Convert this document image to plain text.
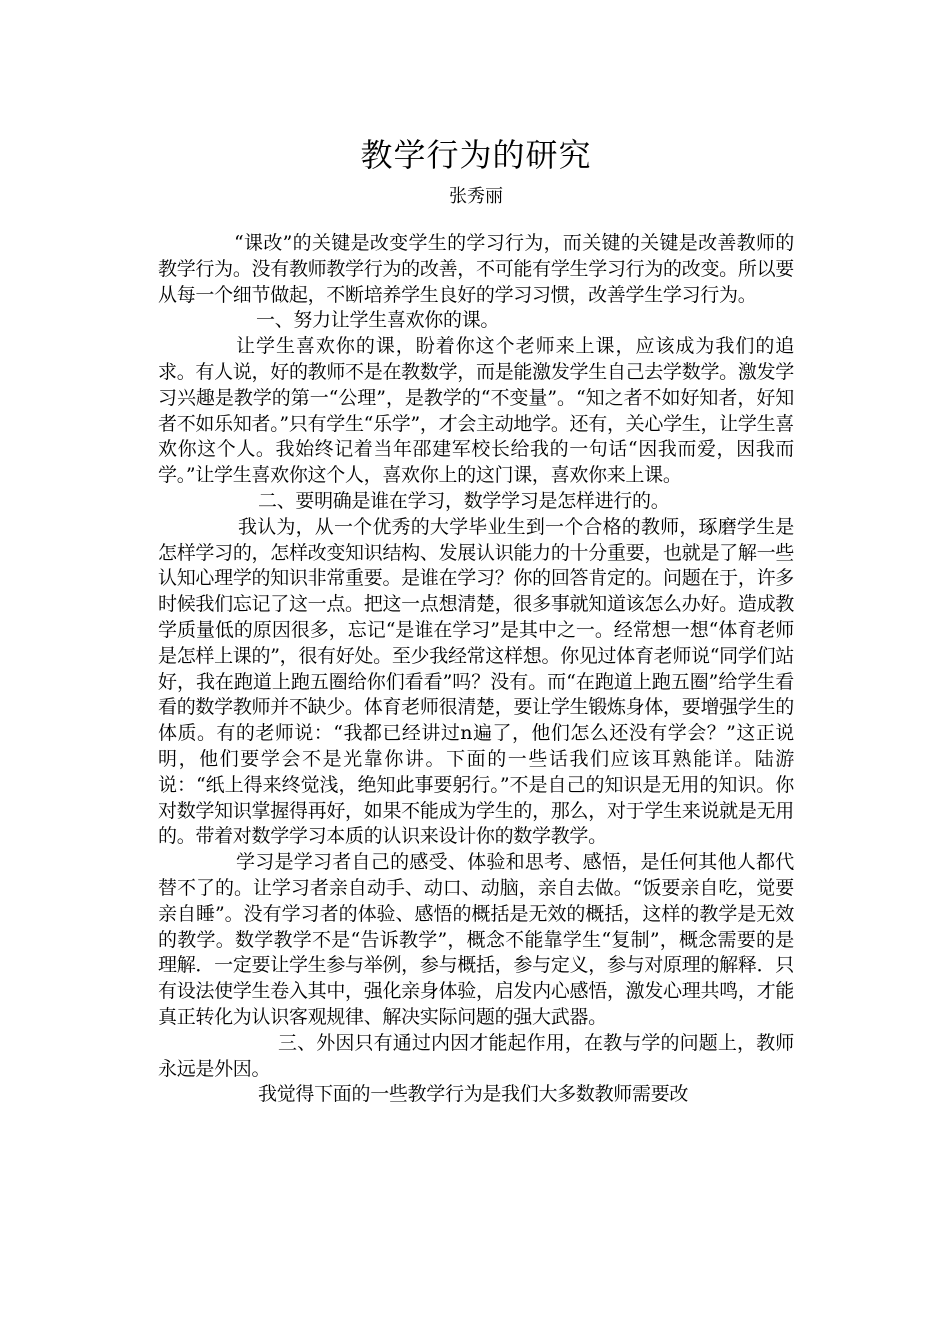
教学行为的研究
张秀丽

“课改”的关键是改变学生的学习行为，而关键的关键是改善教师的教学行为。没有教师教学行为的改善，不可能有学生学习行为的改变。所以要从每一个细节做起，不断培养学生良好的学习习惯，改善学生学习行为。

一、努力让学生喜欢你的课。

让学生喜欢你的课，盼着你这个老师来上课，应该成为我们的追求。有人说，好的教师不是在教数学，而是能激发学生自己去学数学。激发学习兴趣是教学的第一“公理”，是教学的“不变量”。“知之者不如好知者，好知者不如乐知者。”只有学生“乐学”，才会主动地学。还有，关心学生，让学生喜欢你这个人。我始终记着当年邵建军校长给我的一句话“因我而爱，因我而学。”让学生喜欢你这个人，喜欢你上的这门课，喜欢你来上课。

二、要明确是谁在学习，数学学习是怎样进行的。

我认为，从一个优秀的大学毕业生到一个合格的教师，琢磨学生是怎样学习的，怎样改变知识结构、发展认识能力的十分重要，也就是了解一些认知心理学的知识非常重要。是谁在学习？你的回答肯定的。问题在于，许多时候我们忘记了这一点。把这一点想清楚，很多事就知道该怎么办好。造成教学质量低的原因很多，忘记“是谁在学习”是其中之一。经常想一想“体育老师是怎样上课的”，很有好处。至少我经常这样想。你见过体育老师说“同学们站好，我在跑道上跑五圈给你们看看”吗？没有。而“在跑道上跑五圈”给学生看看的数学教师并不缺少。体育老师很清楚，要让学生锻炼身体，要增强学生的体质。有的老师说：“我都已经讲过n遍了，他们怎么还没有学会？”这正说明，他们要学会不是光靠你讲。下面的一些话我们应该耳熟能详。陆游说：“纸上得来终觉浅，绝知此事要躬行。”不是自己的知识是无用的知识。你对数学知识掌握得再好，如果不能成为学生的，那么，对于学生来说就是无用的。带着对数学学习本质的认识来设计你的数学教学。

学习是学习者自己的感受、体验和思考、感悟，是任何其他人都代替不了的。让学习者亲自动手、动口、动脑，亲自去做。“饭要亲自吃，觉要亲自睡”。没有学习者的体验、感悟的概括是无效的概括，这样的教学是无效的教学。数学教学不是“告诉教学”，概念不能靠学生“复制”，概念需要的是理解．一定要让学生参与举例，参与概括，参与定义，参与对原理的解释．只有设法使学生卷入其中，强化亲身体验，启发内心感悟，激发心理共鸣，才能真正转化为认识客观规律、解决实际问题的强大武器。

三、外因只有通过内因才能起作用，在教与学的问题上，教师永远是外因。

我觉得下面的一些教学行为是我们大多数教师需要改
